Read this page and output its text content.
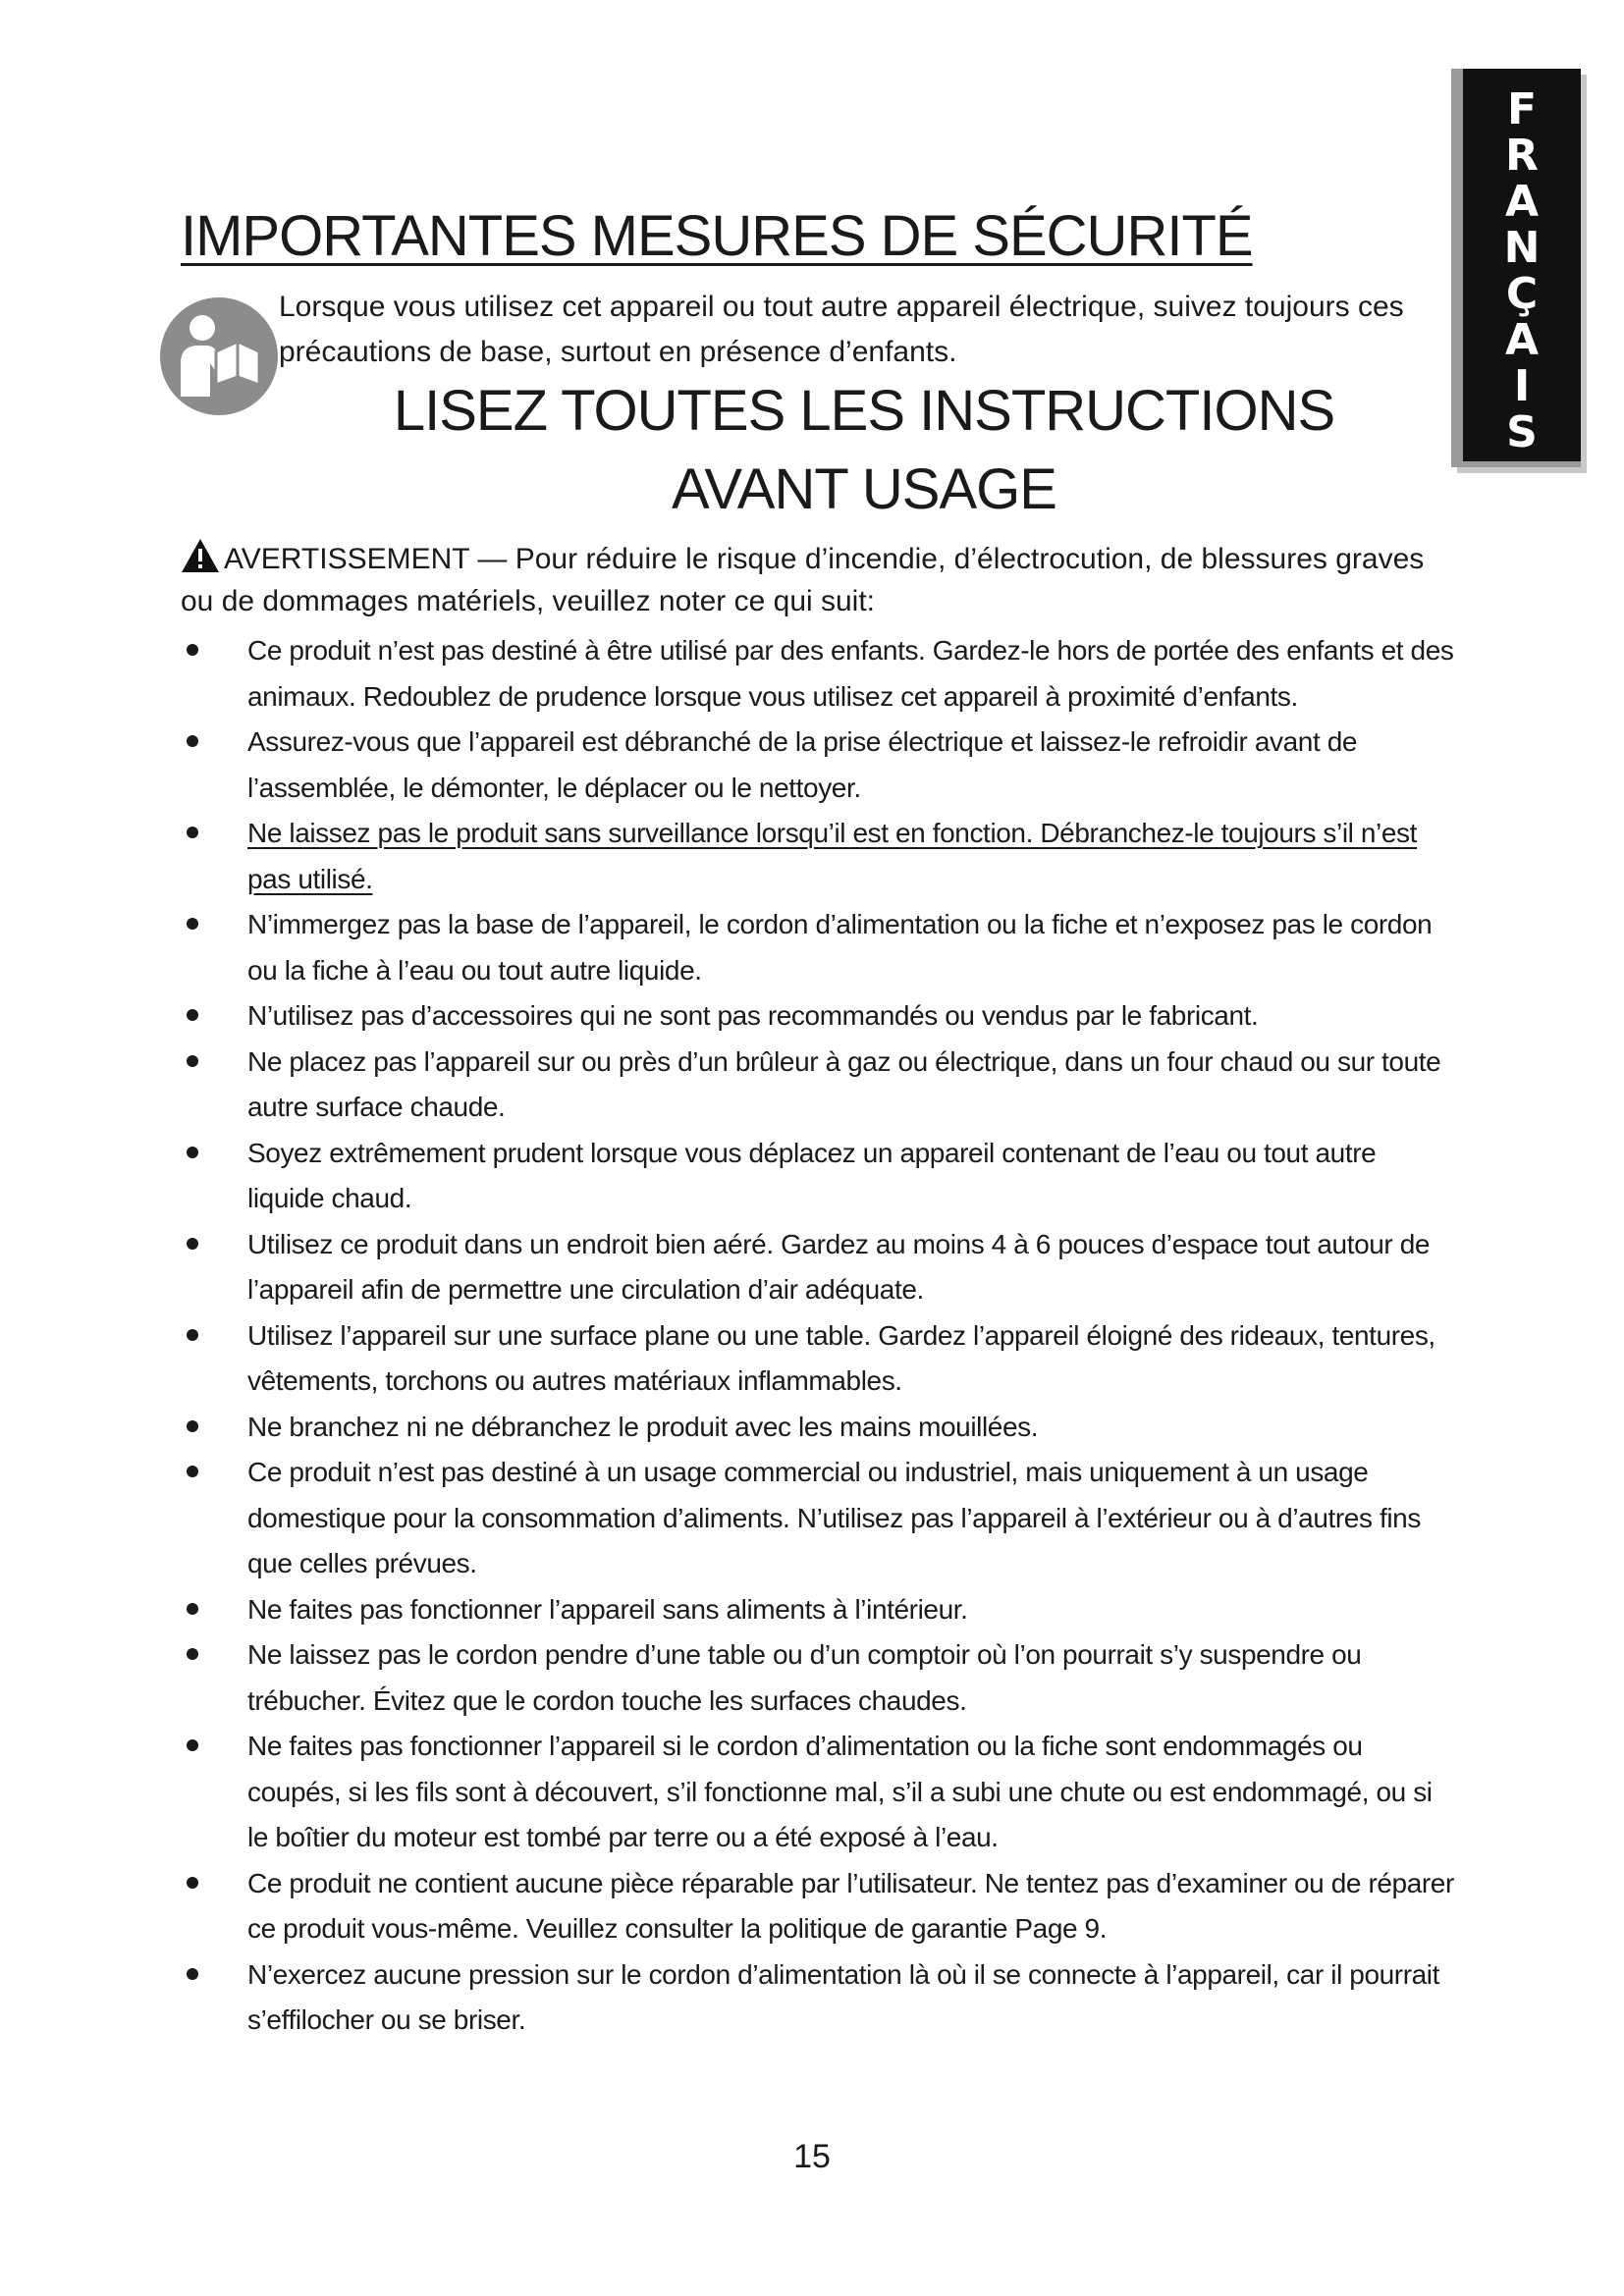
F
R
A
N
Ç
A
I
S
IMPORTANTES MESURES DE SÉCURITÉ

Lorsque vous utilisez cet appareil ou tout autre appareil électrique, suivez toujours ces précautions de base, surtout en présence d’enfants.

LISEZ TOUTES LES INSTRUCTIONS
AVANT USAGE

AVERTISSEMENT — Pour réduire le risque d’incendie, d’électrocution, de blessures graves ou de dommages matériels, veuillez noter ce qui suit:

Ce produit n’est pas destiné à être utilisé par des enfants. Gardez-le hors de portée des enfants et des animaux. Redoublez de prudence lorsque vous utilisez cet appareil à proximité d’enfants.
Assurez-vous que l’appareil est débranché de la prise électrique et laissez-le refroidir avant de l’assemblée, le démonter, le déplacer ou le nettoyer.
Ne laissez pas le produit sans surveillance lorsqu’il est en fonction. Débranchez-le toujours s’il n’est pas utilisé.
N’immergez pas la base de l’appareil, le cordon d’alimentation ou la fiche et n’exposez pas le cordon ou la fiche à l’eau ou tout autre liquide.
N’utilisez pas d’accessoires qui ne sont pas recommandés ou vendus par le fabricant.
Ne placez pas l’appareil sur ou près d’un brûleur à gaz ou électrique, dans un four chaud ou sur toute autre surface chaude.
Soyez extrêmement prudent lorsque vous déplacez un appareil contenant de l’eau ou tout autre liquide chaud.
Utilisez ce produit dans un endroit bien aéré. Gardez au moins 4 à 6 pouces d’espace tout autour de l’appareil afin de permettre une circulation d’air adéquate.
Utilisez l’appareil sur une surface plane ou une table. Gardez l’appareil éloigné des rideaux, tentures, vêtements, torchons ou autres matériaux inflammables.
Ne branchez ni ne débranchez le produit avec les mains mouillées.
Ce produit n’est pas destiné à un usage commercial ou industriel, mais uniquement à un usage domestique pour la consommation d’aliments. N’utilisez pas l’appareil à l’extérieur ou à d’autres fins que celles prévues.
Ne faites pas fonctionner l’appareil sans aliments à l’intérieur.
Ne laissez pas le cordon pendre d’une table ou d’un comptoir où l’on pourrait s’y suspendre ou trébucher. Évitez que le cordon touche les surfaces chaudes.
Ne faites pas fonctionner l’appareil si le cordon d’alimentation ou la fiche sont endommagés ou coupés, si les fils sont à découvert, s’il fonctionne mal, s’il a subi une chute ou est endommagé, ou si le boîtier du moteur est tombé par terre ou a été exposé à l’eau.
Ce produit ne contient aucune pièce réparable par l’utilisateur. Ne tentez pas d’examiner ou de réparer ce produit vous-même. Veuillez consulter la politique de garantie Page 9.
N’exercez aucune pression sur le cordon d’alimentation là où il se connecte à l’appareil, car il pourrait s’effilocher ou se briser.
15
